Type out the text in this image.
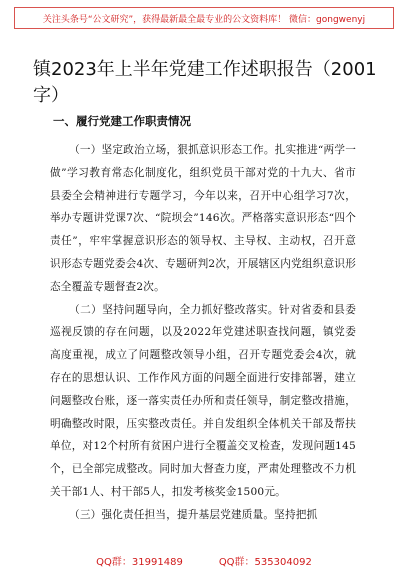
关注头条号“公文研究”，获得最新最全最专业的公文资料库！ 微信：gongwenyj
镇2023年上半年党建工作述职报告（2001字）
一、履行党建工作职责情况

（一）坚定政治立场，狠抓意识形态工作。扎实推进“两学一做”学习教育常态化制度化，组织党员干部对党的十九大、省市县委全会精神进行专题学习，今年以来，召开中心组学习7次，举办专题讲党课7次、“院坝会”146次。严格落实意识形态“四个责任”，牢牢掌握意识形态的领导权、主导权、主动权，召开意识形态专题党委会4次、专题研判2次，开展辖区内党组织意识形态全覆盖专题督查2次。

（二）坚持问题导向，全力抓好整改落实。针对省委和县委巡视反馈的存在问题，以及2022年党建述职查找问题，镇党委高度重视，成立了问题整改领导小组，召开专题党委会4次，就存在的思想认识、工作作风方面的问题全面进行安排部署，建立问题整改台账，逐一落实责任办所和责任领导，制定整改措施，明确整改时限，压实整改责任。并自发组织全体机关干部及帮扶单位，对12个村所有贫困户进行全覆盖交叉检查，发现问题145个，已全部完成整改。同时加大督查力度，严肃处理整改不力机关干部1人、村干部5人，扣发考核奖金1500元。

（三）强化责任担当，提升基层党建质量。坚持把抓

QQ群：31991489	QQ群：535304092
